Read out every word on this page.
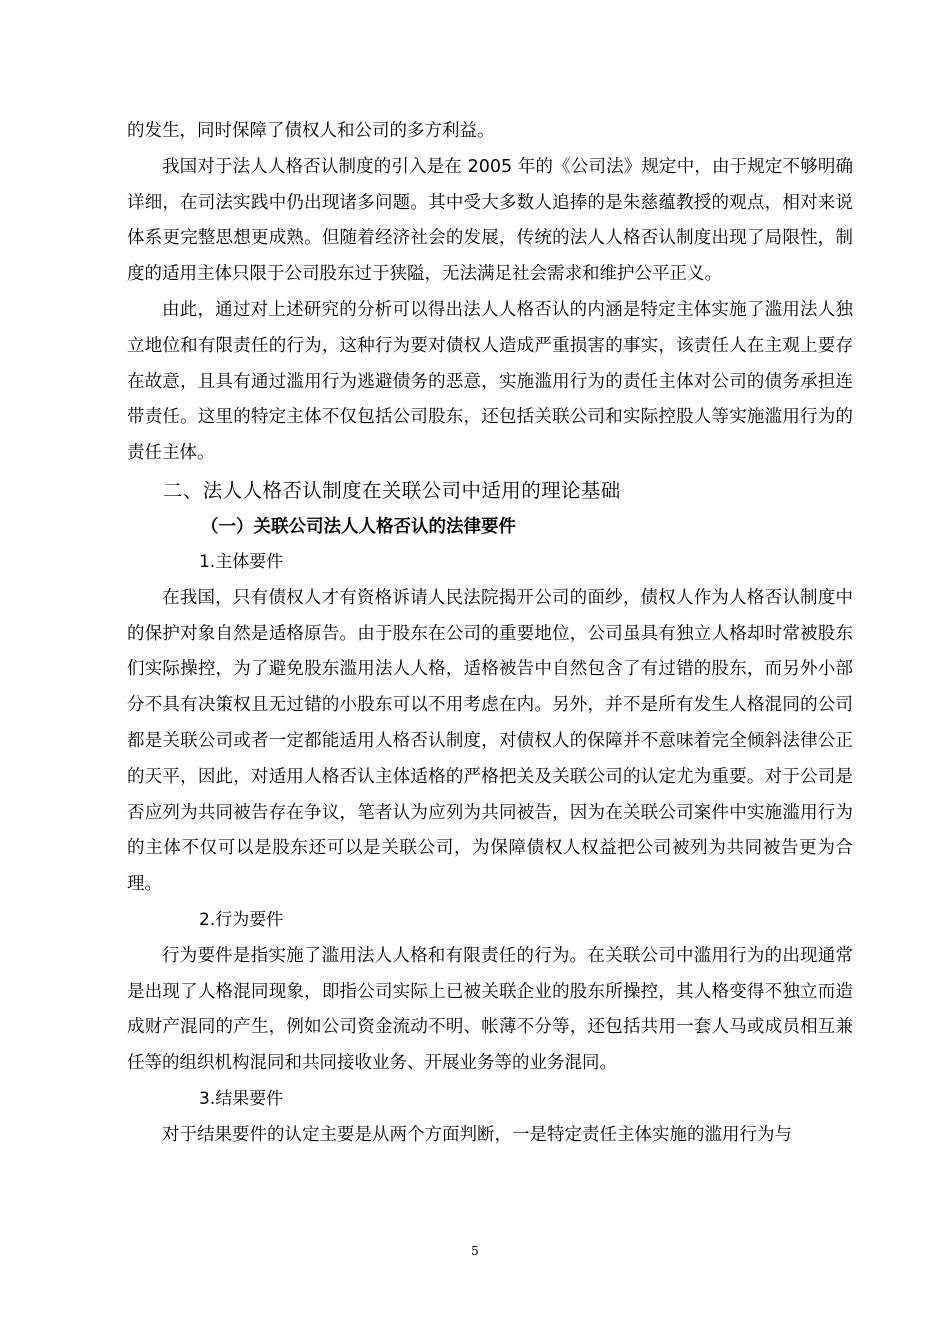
的发生，同时保障了债权人和公司的多方利益。

我国对于法人人格否认制度的引入是在 2005 年的《公司法》规定中，由于规定不够明确详细，在司法实践中仍出现诸多问题。其中受大多数人追捧的是朱慈蕴教授的观点，相对来说体系更完整思想更成熟。但随着经济社会的发展，传统的法人人格否认制度出现了局限性，制度的适用主体只限于公司股东过于狭隘，无法满足社会需求和维护公平正义。

由此，通过对上述研究的分析可以得出法人人格否认的内涵是特定主体实施了滥用法人独立地位和有限责任的行为，这种行为要对债权人造成严重损害的事实，该责任人在主观上要存在故意，且具有通过滥用行为逃避债务的恶意，实施滥用行为的责任主体对公司的债务承担连带责任。这里的特定主体不仅包括公司股东，还包括关联公司和实际控股人等实施滥用行为的责任主体。

二、法人人格否认制度在关联公司中适用的理论基础
（一）关联公司法人人格否认的法律要件
1.主体要件

在我国，只有债权人才有资格诉请人民法院揭开公司的面纱，债权人作为人格否认制度中的保护对象自然是适格原告。由于股东在公司的重要地位，公司虽具有独立人格却时常被股东们实际操控，为了避免股东滥用法人人格，适格被告中自然包含了有过错的股东，而另外小部分不具有决策权且无过错的小股东可以不用考虑在内。另外，并不是所有发生人格混同的公司都是关联公司或者一定都能适用人格否认制度，对债权人的保障并不意味着完全倾斜法律公正的天平，因此，对适用人格否认主体适格的严格把关及关联公司的认定尤为重要。对于公司是否应列为共同被告存在争议，笔者认为应列为共同被告，因为在关联公司案件中实施滥用行为的主体不仅可以是股东还可以是关联公司，为保障债权人权益把公司被列为共同被告更为合理。

2.行为要件

行为要件是指实施了滥用法人人格和有限责任的行为。在关联公司中滥用行为的出现通常是出现了人格混同现象，即指公司实际上已被关联企业的股东所操控，其人格变得不独立而造成财产混同的产生，例如公司资金流动不明、帐薄不分等，还包括共用一套人马或成员相互兼任等的组织机构混同和共同接收业务、开展业务等的业务混同。

3.结果要件

对于结果要件的认定主要是从两个方面判断，一是特定责任主体实施的滥用行为与

5
